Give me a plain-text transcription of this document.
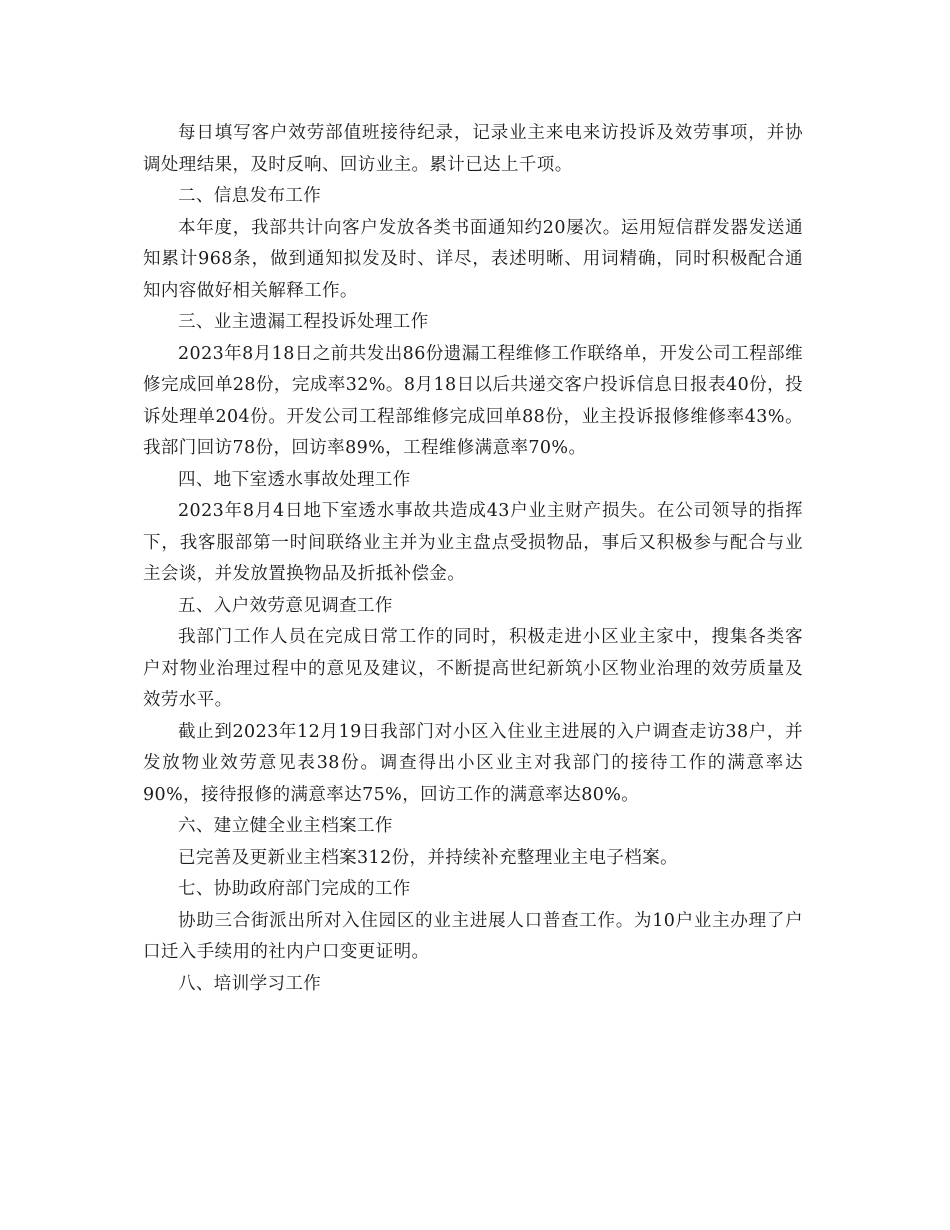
每日填写客户效劳部值班接待纪录，记录业主来电来访投诉及效劳事项，并协调处理结果，及时反响、回访业主。累计已达上千项。

二、信息发布工作

本年度，我部共计向客户发放各类书面通知约20屡次。运用短信群发器发送通知累计968条，做到通知拟发及时、详尽，表述明晰、用词精确，同时积极配合通知内容做好相关解释工作。

三、业主遗漏工程投诉处理工作

2023年8月18日之前共发出86份遗漏工程维修工作联络单，开发公司工程部维修完成回单28份，完成率32%。8月18日以后共递交客户投诉信息日报表40份，投诉处理单204份。开发公司工程部维修完成回单88份，业主投诉报修维修率43%。我部门回访78份，回访率89%，工程维修满意率70%。

四、地下室透水事故处理工作

2023年8月4日地下室透水事故共造成43户业主财产损失。在公司领导的指挥下，我客服部第一时间联络业主并为业主盘点受损物品，事后又积极参与配合与业主会谈，并发放置换物品及折抵补偿金。

五、入户效劳意见调查工作

我部门工作人员在完成日常工作的同时，积极走进小区业主家中，搜集各类客户对物业治理过程中的意见及建议，不断提高世纪新筑小区物业治理的效劳质量及效劳水平。

截止到2023年12月19日我部门对小区入住业主进展的入户调查走访38户，并发放物业效劳意见表38份。调查得出小区业主对我部门的接待工作的满意率达90%，接待报修的满意率达75%，回访工作的满意率达80%。

六、建立健全业主档案工作

已完善及更新业主档案312份，并持续补充整理业主电子档案。

七、协助政府部门完成的工作

协助三合街派出所对入住园区的业主进展人口普查工作。为10户业主办理了户口迁入手续用的社内户口变更证明。

八、培训学习工作
